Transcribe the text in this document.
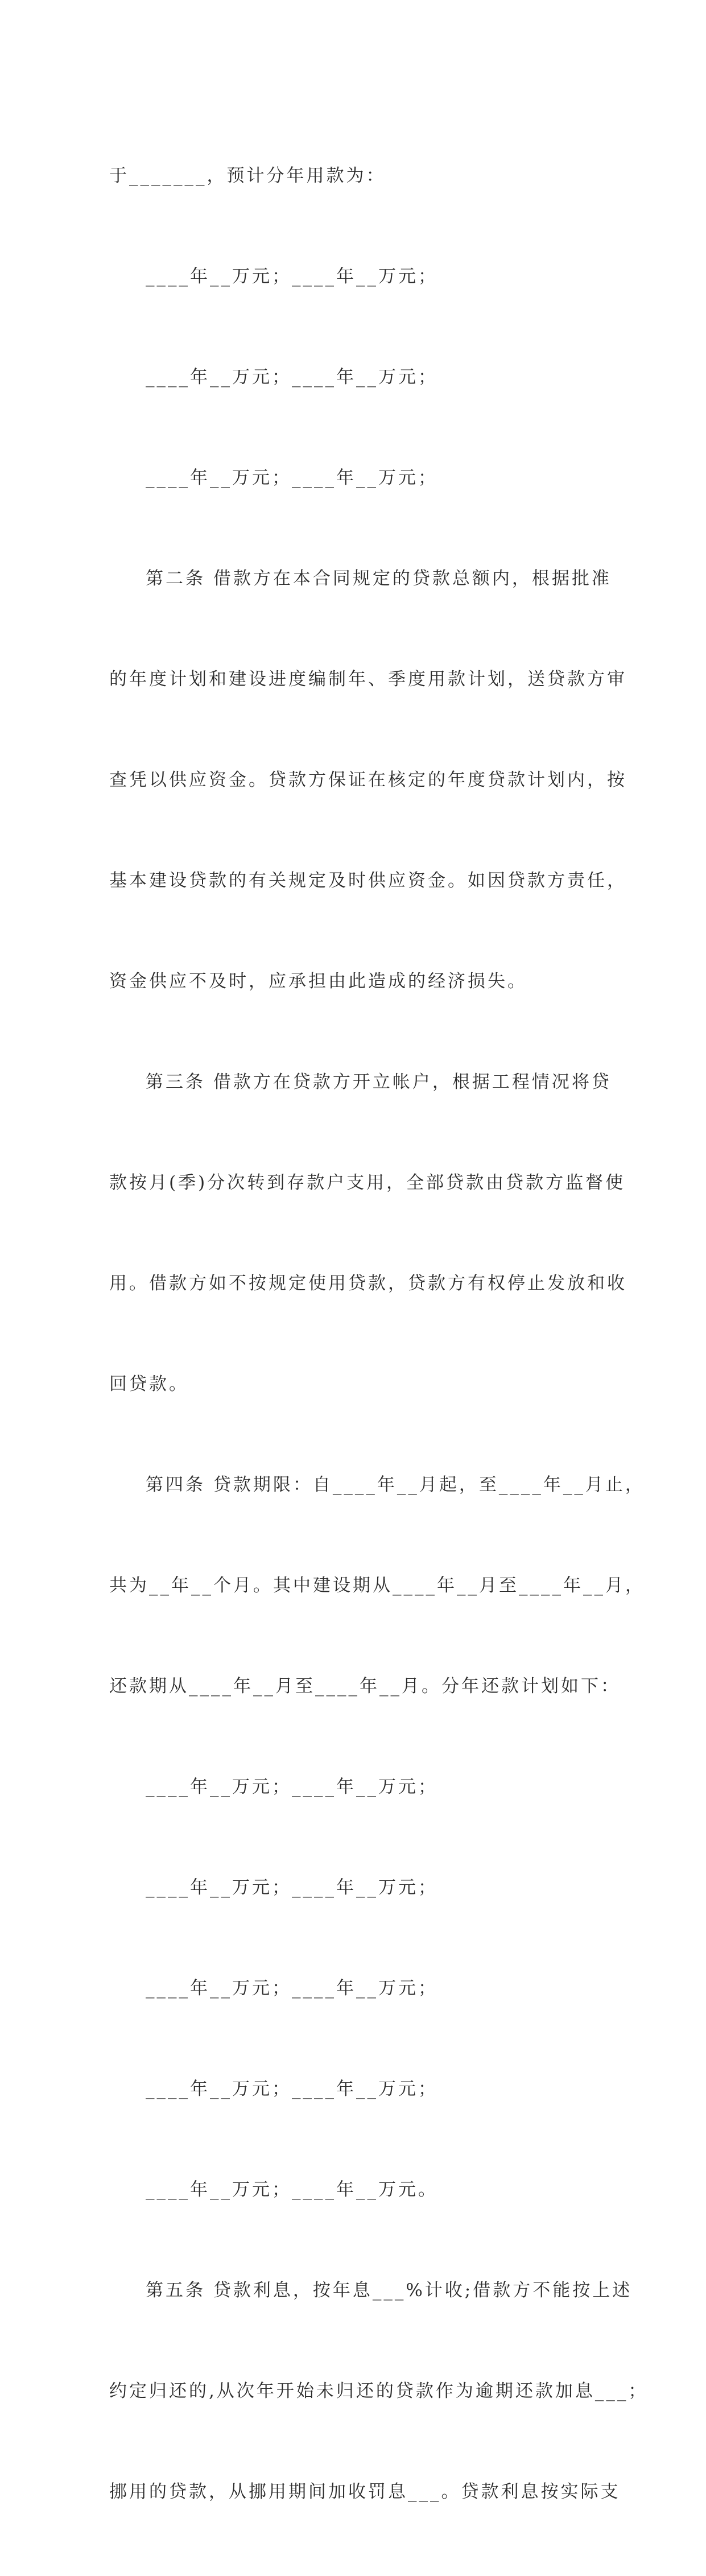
于_______，预计分年用款为：

____年__万元；____年__万元；

____年__万元；____年__万元；

____年__万元；____年__万元；

第二条 借款方在本合同规定的贷款总额内，根据批准

的年度计划和建设进度编制年、季度用款计划，送贷款方审

查凭以供应资金。贷款方保证在核定的年度贷款计划内，按

基本建设贷款的有关规定及时供应资金。如因贷款方责任，

资金供应不及时，应承担由此造成的经济损失。

第三条 借款方在贷款方开立帐户，根据工程情况将贷

款按月(季)分次转到存款户支用，全部贷款由贷款方监督使

用。借款方如不按规定使用贷款，贷款方有权停止发放和收

回贷款。

第四条 贷款期限：自____年__月起，至____年__月止，

共为__年__个月。其中建设期从____年__月至____年__月，

还款期从____年__月至____年__月。分年还款计划如下：

____年__万元；____年__万元；

____年__万元；____年__万元；

____年__万元；____年__万元；

____年__万元；____年__万元；

____年__万元；____年__万元。

第五条 贷款利息，按年息___%计收;借款方不能按上述

约定归还的,从次年开始未归还的贷款作为逾期还款加息___；

挪用的贷款，从挪用期间加收罚息___。贷款利息按实际支
